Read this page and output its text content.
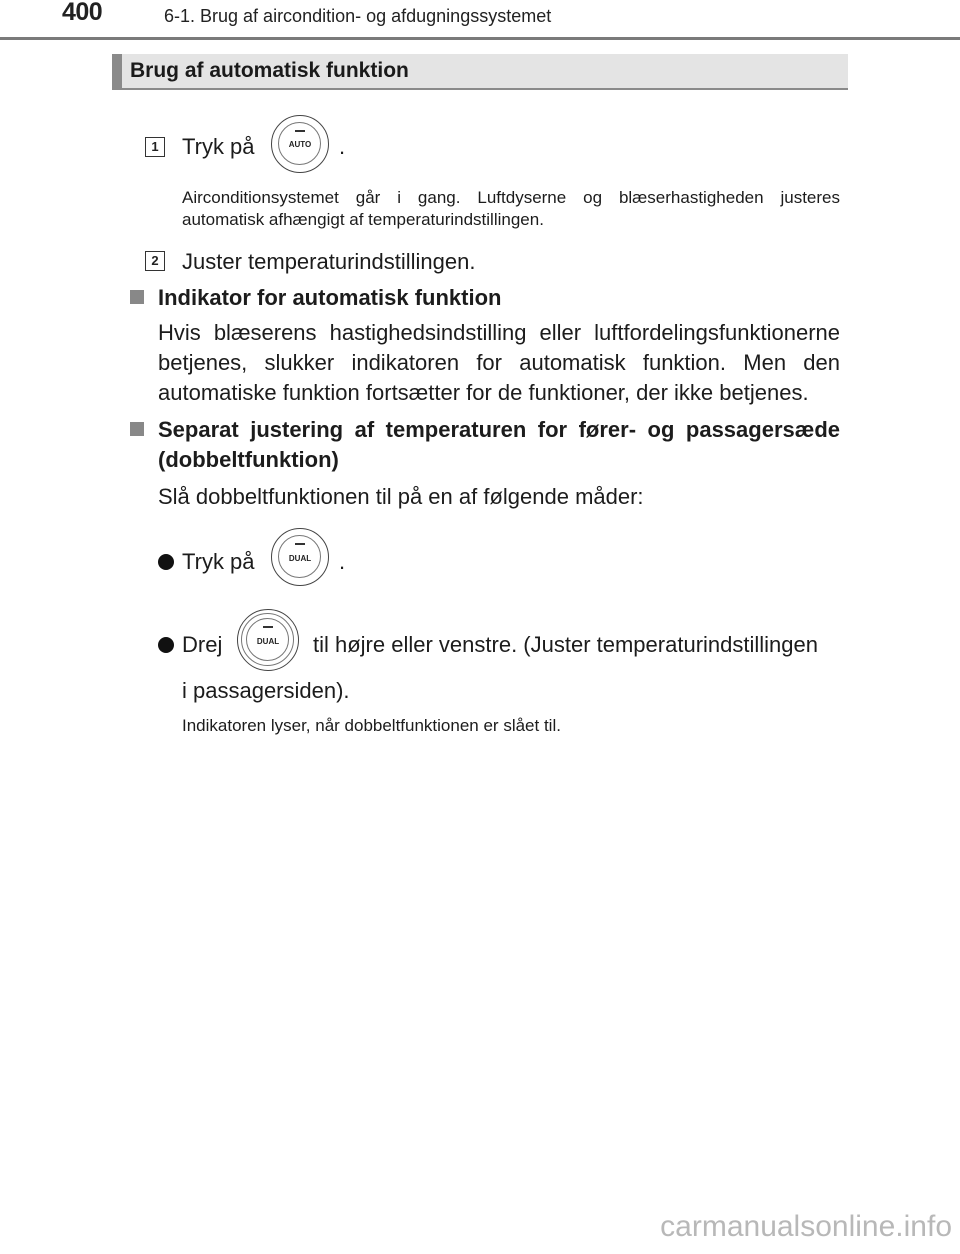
400	6-1. Brug af aircondition- og afdugningssystemet
Brug af automatisk funktion
1 Tryk på	AUTO	.
Airconditionsystemet går i gang. Luftdyserne og blæserhastigheden justeres automatisk afhængigt af temperaturindstillingen.
2 Juster temperaturindstillingen.
Indikator for automatisk funktion
Hvis blæserens hastighedsindstilling eller luftfordelingsfunktionerne
betjenes, slukker indikatoren for automatisk funktion. Men den
automatiske funktion fortsætter for de funktioner, der ikke betjenes.
Separat justering af temperaturen for fører- og passagersæde
(dobbeltfunktion)
Slå dobbeltfunktionen til på en af følgende måder:
Tryk på	DUAL	.
Drej	DUAL	til højre eller venstre. (Juster temperaturindstillingen
i passagersiden).
Indikatoren lyser, når dobbeltfunktionen er slået til.
carmanualsonline.info
